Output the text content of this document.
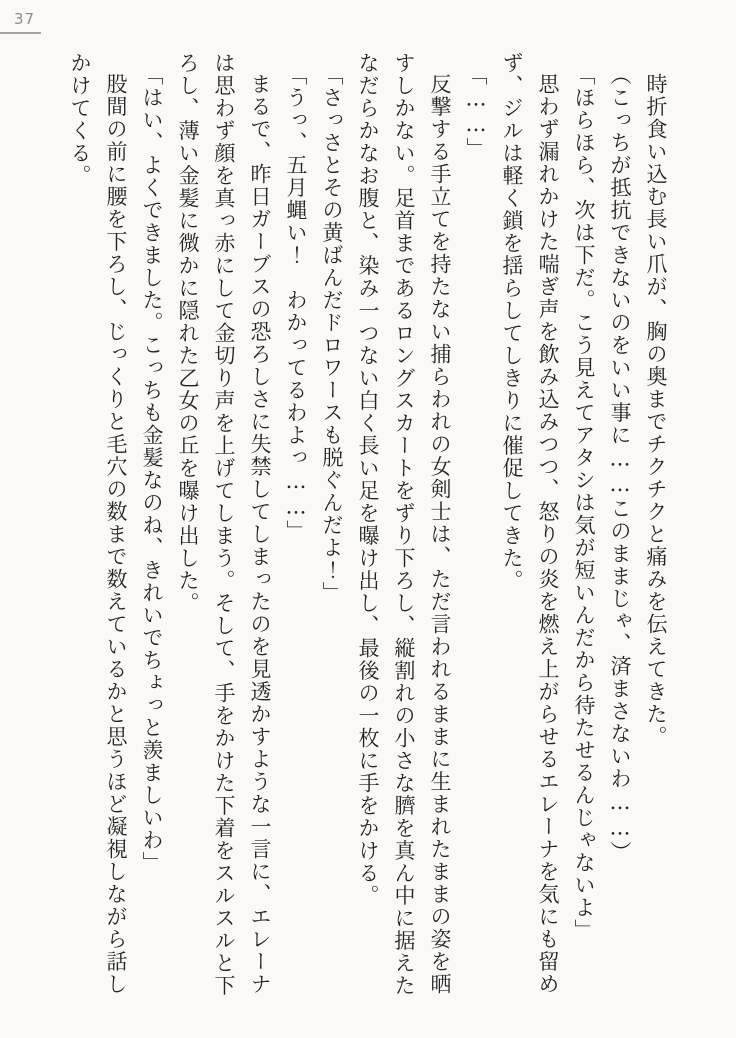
37

時折食い込む長い爪が、胸の奥までチクチクと痛みを伝えてきた。

（こっちが抵抗できないのをいい事に……このままじゃ、済まさないわ……）

「ほらほら、次は下だ。こう見えてアタシは気が短いんだから待たせるんじゃないよ」

思わず漏れかけた喘ぎ声を飲み込みつつ、怒りの炎を燃え上がらせるエレーナを気にも留めず、ジルは軽く鎖を揺らしてしきりに催促してきた。

「……」

反撃する手立てを持たない捕らわれの女剣士は、ただ言われるままに生まれたままの姿を晒すしかない。足首まであるロングスカートをずり下ろし、縦割れの小さな臍を真ん中に据えたなだらかなお腹と、染み一つない白く長い足を曝け出し、最後の一枚に手をかける。

「さっさとその黄ばんだドロワースも脱ぐんだよ！」

「うっ、五月蝿い！　わかってるわよっ……」

まるで、昨日ガーブスの恐ろしさに失禁してしまったのを見透かすような一言に、エレーナは思わず顔を真っ赤にして金切り声を上げてしまう。そして、手をかけた下着をスルスルと下ろし、薄い金髪に微かに隠れた乙女の丘を曝け出した。

「はい、よくできました。こっちも金髪なのね、きれいでちょっと羨ましいわ」

股間の前に腰を下ろし、じっくりと毛穴の数まで数えているかと思うほど凝視しながら話しかけてくる。
